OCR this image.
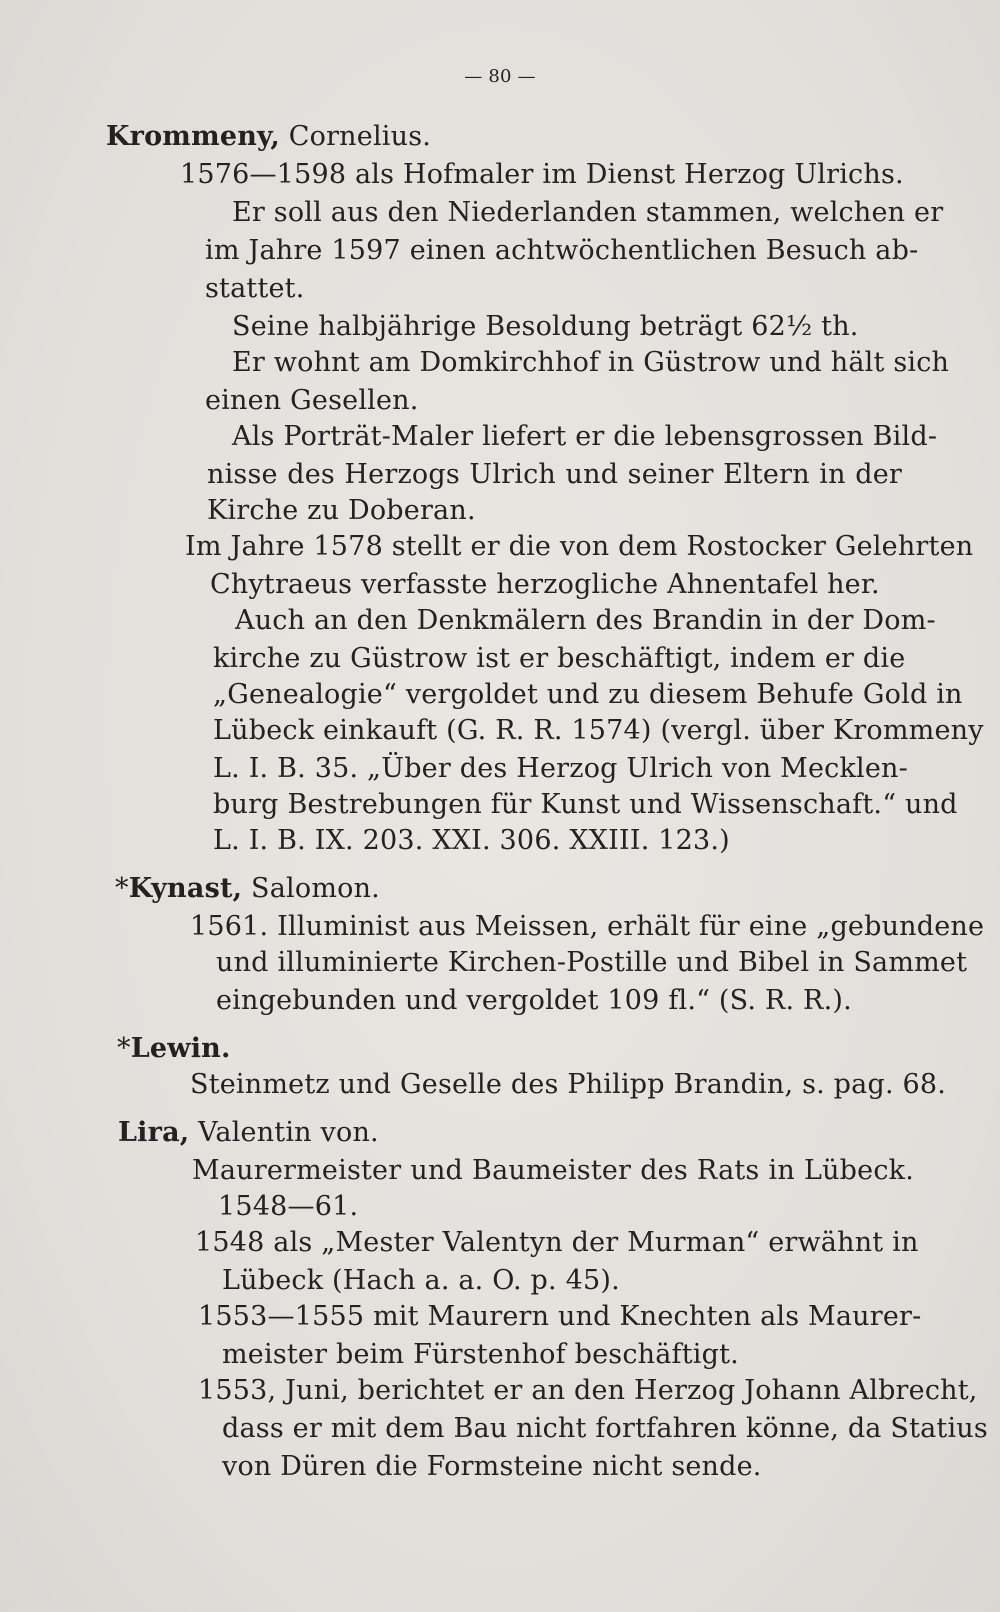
— 80 —
Krommeny, Cornelius.
1576—1598 als Hofmaler im Dienst Herzog Ulrichs.
Er soll aus den Niederlanden stammen, welchen er
im Jahre 1597 einen achtwöchentlichen Besuch ab-
stattet.
Seine halbjährige Besoldung beträgt 62½ th.
Er wohnt am Domkirchhof in Güstrow und hält sich
einen Gesellen.
Als Porträt-Maler liefert er die lebensgrossen Bild-
nisse des Herzogs Ulrich und seiner Eltern in der
Kirche zu Doberan.
Im Jahre 1578 stellt er die von dem Rostocker Gelehrten
Chytraeus verfasste herzogliche Ahnentafel her.
Auch an den Denkmälern des Brandin in der Dom-
kirche zu Güstrow ist er beschäftigt, indem er die
„Genealogie“ vergoldet und zu diesem Behufe Gold in
Lübeck einkauft (G. R. R. 1574) (vergl. über Krommeny
L. I. B. 35. „Über des Herzog Ulrich von Mecklen-
burg Bestrebungen für Kunst und Wissenschaft.“ und
L. I. B. IX. 203. XXI. 306. XXIII. 123.)
*Kynast, Salomon.
1561. Illuminist aus Meissen, erhält für eine „gebundene
und illuminierte Kirchen-Postille und Bibel in Sammet
eingebunden und vergoldet 109 fl.“ (S. R. R.).
*Lewin.
Steinmetz und Geselle des Philipp Brandin, s. pag. 68.
Lira, Valentin von.
Maurermeister und Baumeister des Rats in Lübeck.
1548—61.
1548 als „Mester Valentyn der Murman“ erwähnt in
Lübeck (Hach a. a. O. p. 45).
1553—1555 mit Maurern und Knechten als Maurer-
meister beim Fürstenhof beschäftigt.
1553, Juni, berichtet er an den Herzog Johann Albrecht,
dass er mit dem Bau nicht fortfahren könne, da Statius
von Düren die Formsteine nicht sende.
